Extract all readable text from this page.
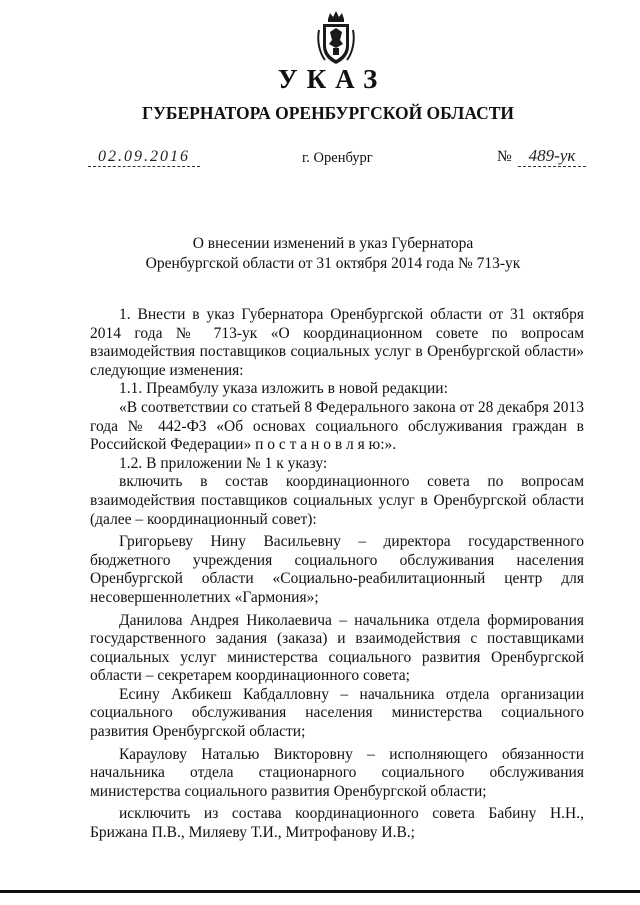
УКАЗ
ГУБЕРНАТОРА ОРЕНБУРГСКОЙ ОБЛАСТИ
02.09.2016	г. Оренбург	№ 489-ук
О внесении изменений в указ Губернатора
Оренбургской области от 31 октября 2014 года № 713-ук

1. Внести в указ Губернатора Оренбургской области от 31 октября 2014 года № 713-ук «О координационном совете по вопросам взаимодействия поставщиков социальных услуг в Оренбургской области» следующие изменения:

1.1. Преамбулу указа изложить в новой редакции:

«В соответствии со статьей 8 Федерального закона от 28 декабря 2013 года № 442-ФЗ «Об основах социального обслуживания граждан в Российской Федерации» п о с т а н о в л я ю:».

1.2. В приложении № 1 к указу:

включить в состав координационного совета по вопросам взаимодействия поставщиков социальных услуг в Оренбургской области (далее – координационный совет):

Григорьеву Нину Васильевну – директора государственного бюджетного учреждения социального обслуживания населения Оренбургской области «Социально-реабилитационный центр для несовершеннолетних «Гармония»;

Данилова Андрея Николаевича – начальника отдела формирования государственного задания (заказа) и взаимодействия с поставщиками социальных услуг министерства социального развития Оренбургской области – секретарем координационного совета;

Есину Акбикеш Кабдалловну – начальника отдела организации социального обслуживания населения министерства социального развития Оренбургской области;

Караулову Наталью Викторовну – исполняющего обязанности начальника отдела стационарного социального обслуживания министерства социального развития Оренбургской области;

исключить из состава координационного совета Бабину Н.Н., Брижана П.В., Миляеву Т.И., Митрофанову И.В.;
